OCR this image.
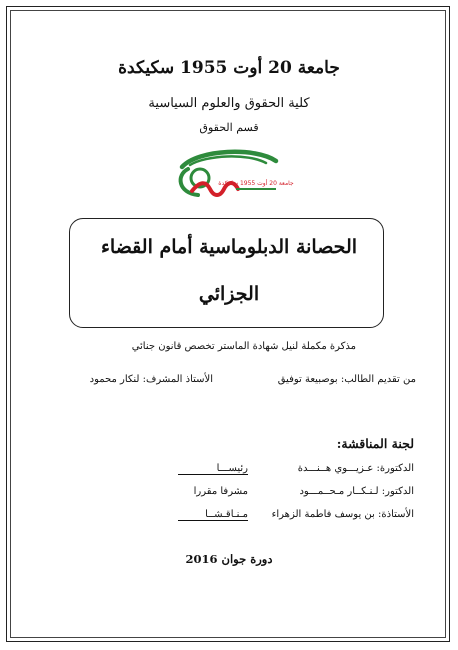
جامعة 20 أوت 1955 سكيكدة
كلية الحقوق والعلوم السياسية
قسم الحقوق
جامعة 20 أوت 1955 سكيكدة
الحصانة الدبلوماسية أمام القضاء
الجزائي
مذكرة مكملة لنيل شهادة الماستر تخصص قانون جنائي
من تقديم الطالب: بوصبيعة توفيق
الأستاذ المشرف: لنكار محمود
لجنة المناقشة:
الدكتورة: عـزيـــوي هــنـــدة
رئيســـا
الدكتور: لـنـكــار مـحــمـــود
مشرفا مقررا
الأستاذة: بن يوسف فاطمة الزهراء
مـنـاقـشــا
دورة جوان 2016
